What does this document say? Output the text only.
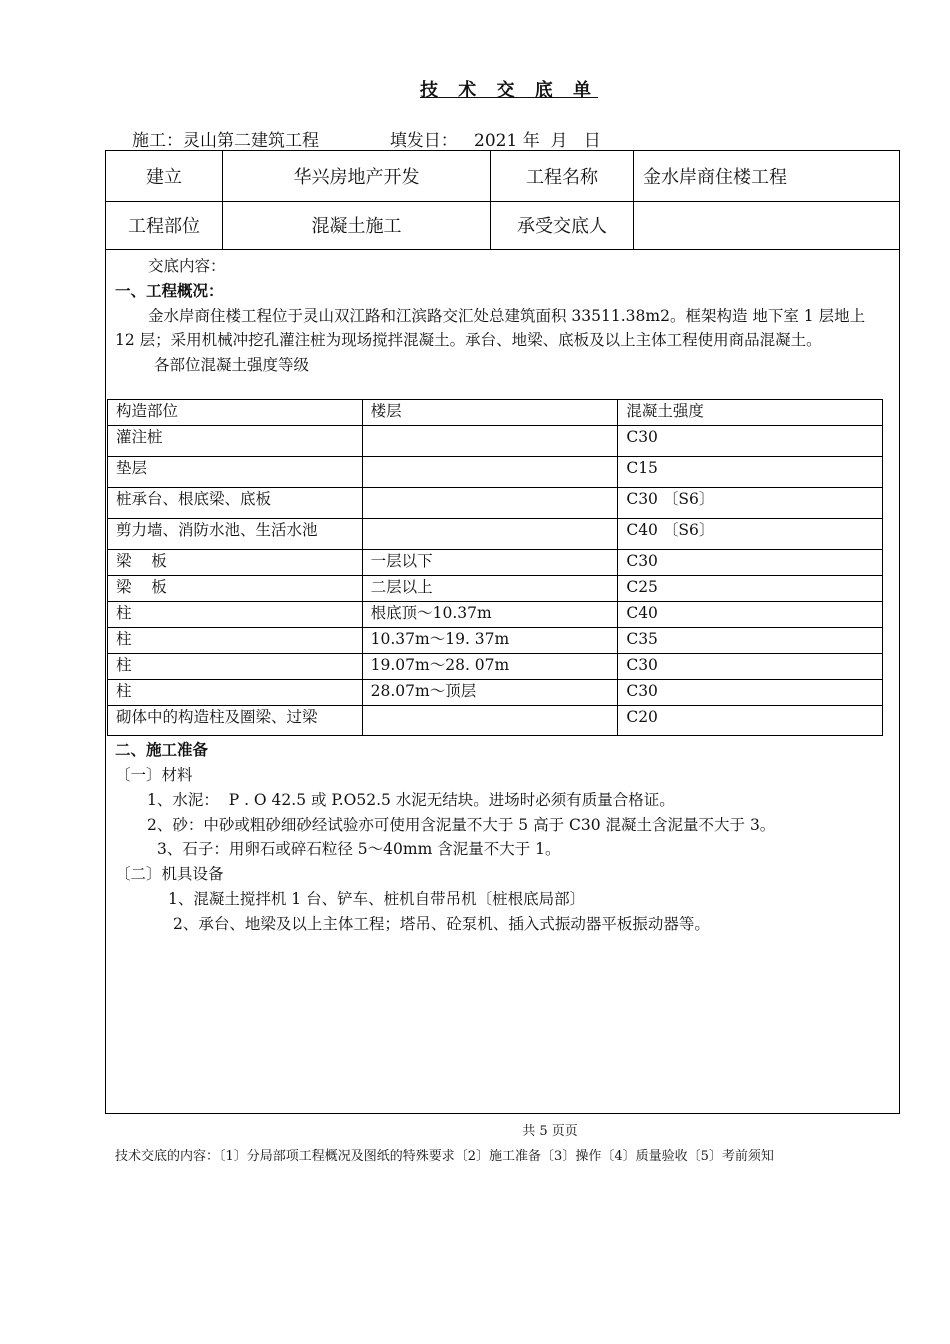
技 术 交 底 单
施工：灵山第二建筑工程	填发日：   2021 年  月   日
建立	华兴房地产开发	工程名称	金水岸商住楼工程
工程部位	混凝土施工	承受交底人
交底内容：
一、工程概况：
金水岸商住楼工程位于灵山双江路和江滨路交汇处总建筑面积 33511.38m2。框架构造 地下室 1 层地上
12 层；采用机械冲挖孔灌注桩为现场搅拌混凝土。承台、地梁、底板及以上主体工程使用商品混凝土。
各部位混凝土强度等级
构造部位	楼层	混凝土强度
灌注桩		C30
垫层		C15
桩承台、根底梁、底板		C30 〔S6〕
剪力墙、消防水池、生活水池		C40 〔S6〕
梁    板	一层以下	C30
梁    板	二层以上	C25
柱	根底顶～10.37m	C40
柱	10.37m～19. 37m	C35
柱	19.07m～28. 07m	C30
柱	28.07m～顶层	C30
砌体中的构造柱及圈梁、过梁		C20
二、施工准备
〔一〕材料
1、水泥：  P . O 42.5 或 P.O52.5 水泥无结块。进场时必须有质量合格证。
2、砂：中砂或粗砂细砂经试验亦可使用含泥量不大于 5 高于 C30 混凝土含泥量不大于 3。
3、石子：用卵石或碎石粒径 5～40mm 含泥量不大于 1。
〔二〕机具设备
1、混凝土搅拌机 1 台、铲车、桩机自带吊机〔桩根底局部〕
2、承台、地梁及以上主体工程；塔吊、砼泵机、插入式振动器平板振动器等。
共 5 页页
技术交底的内容：〔1〕分局部项工程概况及图纸的特殊要求〔2〕施工准备〔3〕操作〔4〕质量验收〔5〕考前须知
